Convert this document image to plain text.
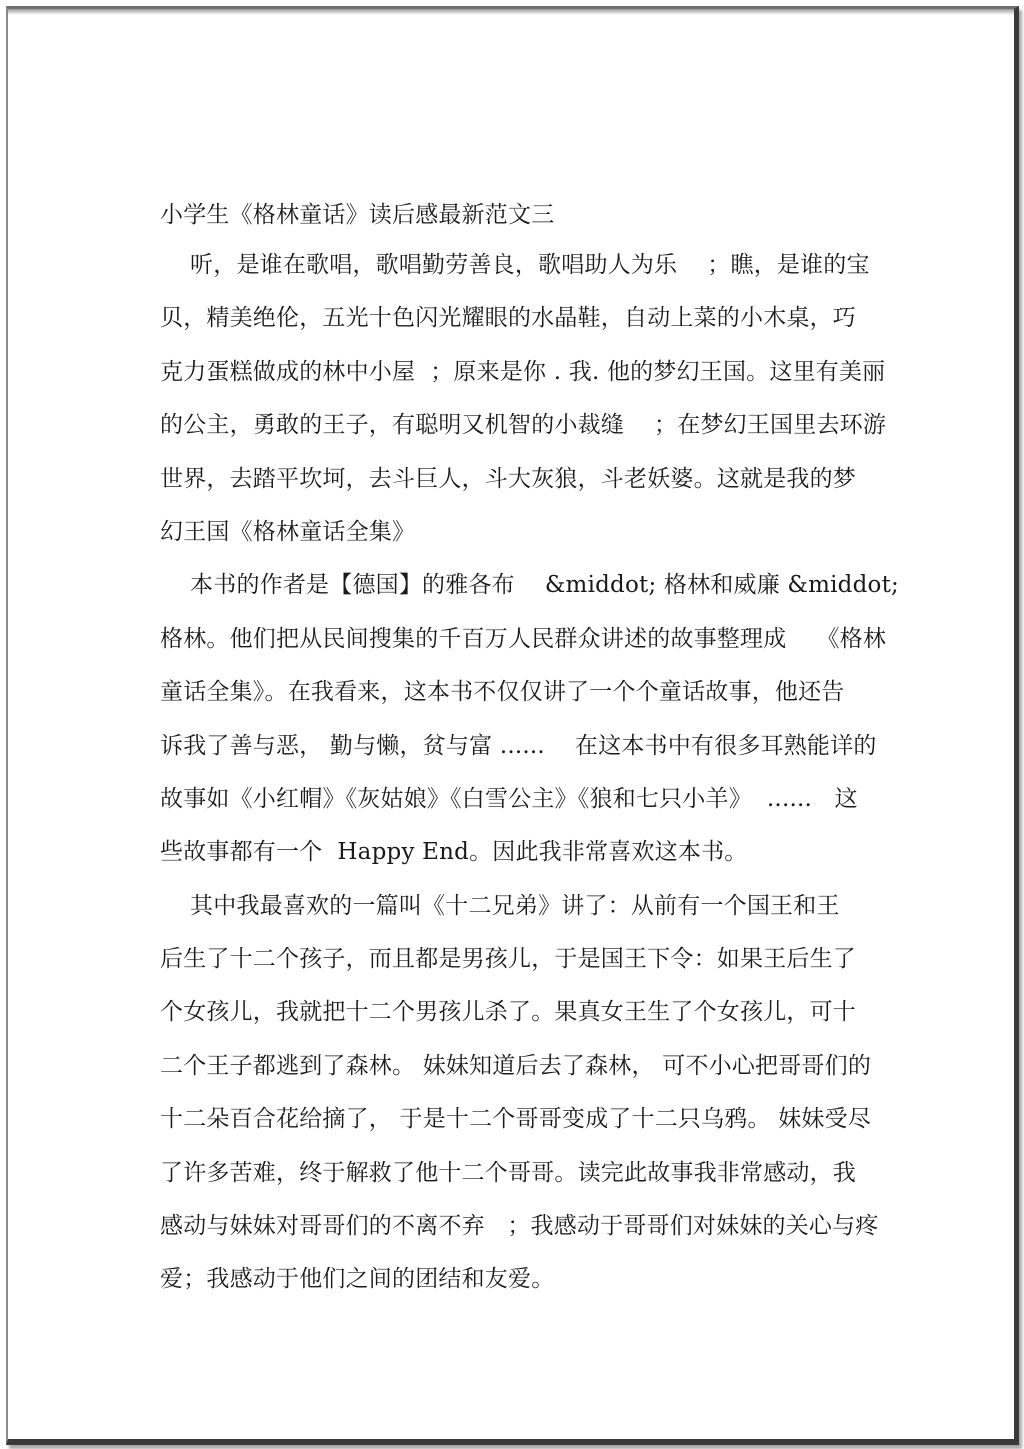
小学生《格林童话》读后感最新范文三
听，是谁在歌唱，歌唱勤劳善良，歌唱助人为乐    ；瞧，是谁的宝
贝，精美绝伦，五光十色闪光耀眼的水晶鞋，自动上菜的小木桌，巧
克力蛋糕做成的林中小屋  ；原来是你 . 我. 他的梦幻王国。这里有美丽
的公主，勇敢的王子，有聪明又机智的小裁缝    ；在梦幻王国里去环游
世界，去踏平坎坷，去斗巨人，斗大灰狼，斗老妖婆。这就是我的梦
幻王国《格林童话全集》
本书的作者是【德国】的雅各布    &middot; 格林和威廉 &middot;
格林。他们把从民间搜集的千百万人民群众讲述的故事整理成    《格林
童话全集》。在我看来，这本书不仅仅讲了一个个童话故事，他还告
诉我了善与恶， 勤与懒，贫与富 ......    在这本书中有很多耳熟能详的
故事如《小红帽》《灰姑娘》《白雪公主》《狼和七只小羊》  ......   这
些故事都有一个  Happy End。因此我非常喜欢这本书。
其中我最喜欢的一篇叫《十二兄弟》讲了：从前有一个国王和王
后生了十二个孩子，而且都是男孩儿，于是国王下令：如果王后生了
个女孩儿，我就把十二个男孩儿杀了。果真女王生了个女孩儿，可十
二个王子都逃到了森林。 妹妹知道后去了森林， 可不小心把哥哥们的
十二朵百合花给摘了， 于是十二个哥哥变成了十二只乌鸦。 妹妹受尽
了许多苦难，终于解救了他十二个哥哥。读完此故事我非常感动，我
感动与妹妹对哥哥们的不离不弃   ；我感动于哥哥们对妹妹的关心与疼
爱；我感动于他们之间的团结和友爱。
